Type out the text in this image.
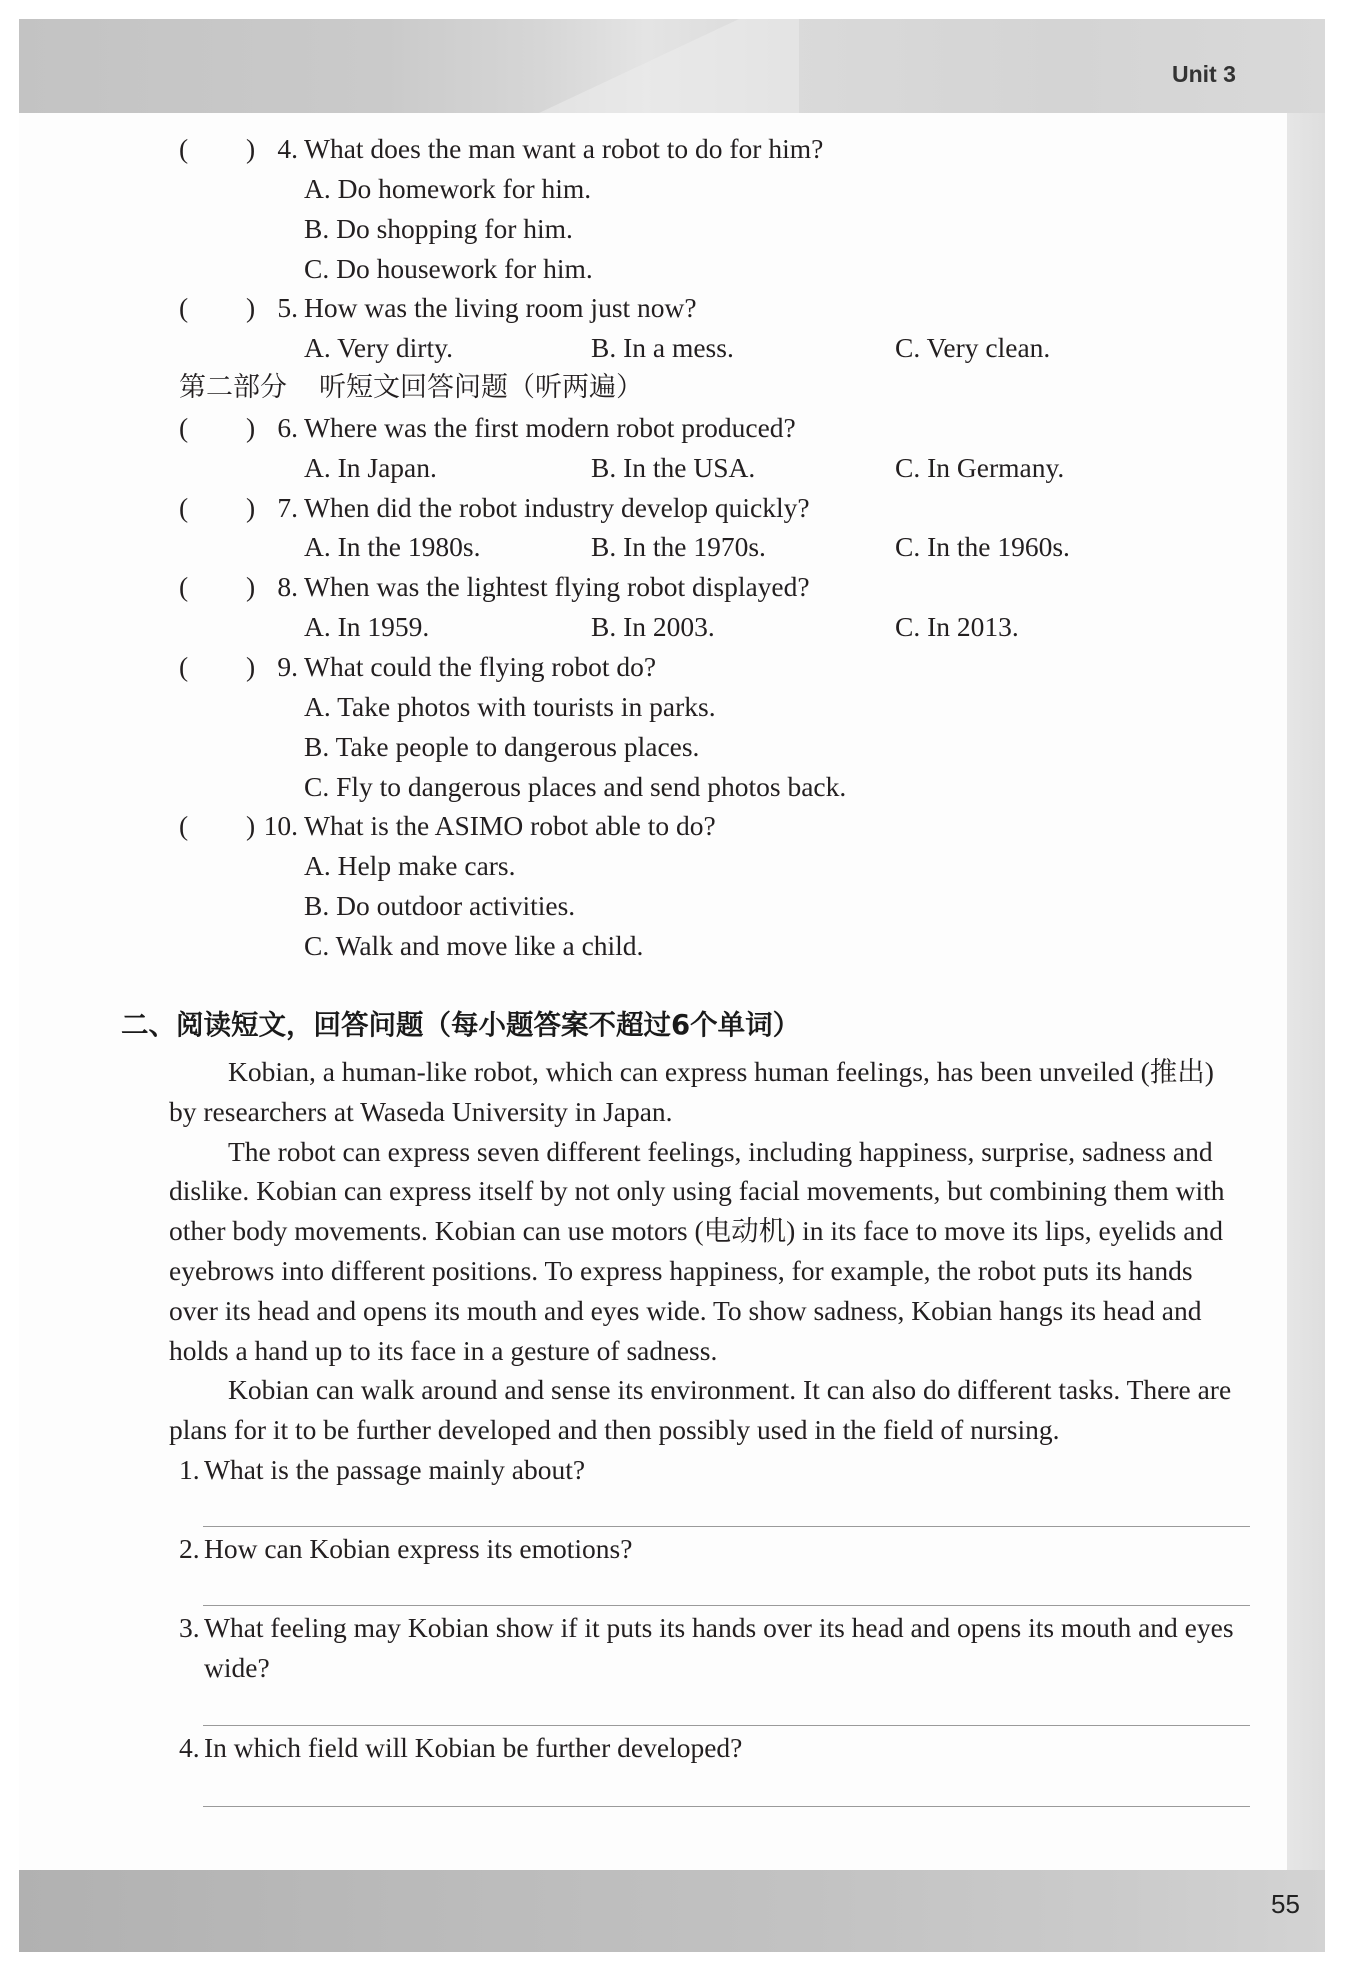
Unit 3
55
( ) 4. What does the man want a robot to do for him?
A. Do homework for him.
B. Do shopping for him.
C. Do housework for him.
( ) 5. How was the living room just now?
A. Very dirty.	B. In a mess.	C. Very clean.
第二部分 听短文回答问题（听两遍）
( ) 6. Where was the first modern robot produced?
A. In Japan.	B. In the USA.	C. In Germany.
( ) 7. When did the robot industry develop quickly?
A. In the 1980s.	B. In the 1970s.	C. In the 1960s.
( ) 8. When was the lightest flying robot displayed?
A. In 1959.	B. In 2003.	C. In 2013.
( ) 9. What could the flying robot do?
A. Take photos with tourists in parks.
B. Take people to dangerous places.
C. Fly to dangerous places and send photos back.
( ) 10. What is the ASIMO robot able to do?
A. Help make cars.
B. Do outdoor activities.
C. Walk and move like a child.
二、阅读短文，回答问题（每小题答案不超过6个单词）
Kobian, a human-like robot, which can express human feelings, has been unveiled (推出)
by researchers at Waseda University in Japan.
The robot can express seven different feelings, including happiness, surprise, sadness and
dislike. Kobian can express itself by not only using facial movements, but combining them with
other body movements. Kobian can use motors (电动机) in its face to move its lips, eyelids and
eyebrows into different positions. To express happiness, for example, the robot puts its hands
over its head and opens its mouth and eyes wide. To show sadness, Kobian hangs its head and
holds a hand up to its face in a gesture of sadness.
Kobian can walk around and sense its environment. It can also do different tasks. There are
plans for it to be further developed and then possibly used in the field of nursing.
1. What is the passage mainly about?
2. How can Kobian express its emotions?
3. What feeling may Kobian show if it puts its hands over its head and opens its mouth and eyes
wide?
4. In which field will Kobian be further developed?
